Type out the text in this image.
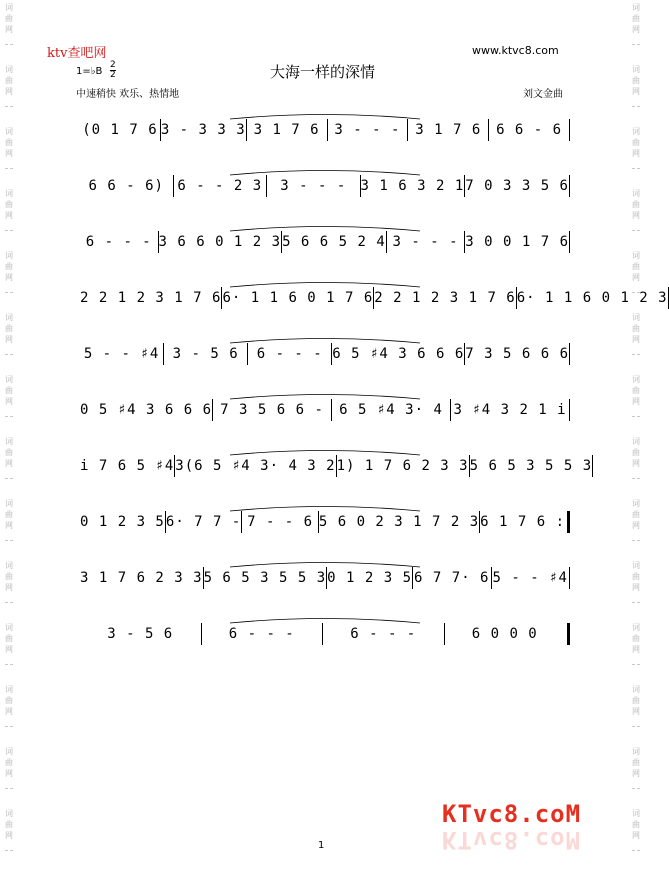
词
曲
网
词
曲
网
词
曲
网
词
曲
网
词
曲
网
词
曲
网
词
曲
网
词
曲
网
词
曲
网
词
曲
网
词
曲
网
词
曲
网
词
曲
网
词
曲
网
词
曲
网
词
曲
网
词
曲
网
词
曲
网
词
曲
网
词
曲
网
词
曲
网
词
曲
网
词
曲
网
词
曲
网
词
曲
网
词
曲
网
词
曲
网
词
曲
网
ktv查吧网	www.ktvc8.com
1=♭B
2
2	大海一样的深情
中速稍快 欢乐、热情地	刘文金曲
(0 1 7 6 3 - 3 3 3 3 1 7 6	3 - - -	3 1 7 6	6 6 - 6
6 6 - 6) 6 - - 2 3	3 - - -	3 1 6 3 2 1 7 0 3 3 5 6
6 - - - 3 6 6 0 1 2 3 5 6 6 5 2 4 3 - - - 3 0 0 1 7 6
2 2 1 2 3 1 7 6 6· 1 1 6 0 1 7 6 2 2 1 2 3 1 7 6 6· 1 1 6 0 1 2 3
5 - - ♯4 3 - 5 6	6 - - - 6 5 ♯4 3 6 6 6 7 3 5 6 6 6
0 5 ♯4 3 6 6 6 7 3 5 6 6 -	6 5 ♯4 3· 4 3 ♯4 3 2 1 i
i 7 6 5 ♯4 3(6 5 ♯4 3· 4 3 2 1) 1 7 6 2 3 3 5 6 5 3 5 5 3
0 1 2 3 5 6· 7 7 - 7 - - 6 5 6 0 2 3 1 7 2 3 6 1 7 6 :
3 1 7 6 2 3 3 5 6 5 3 5 5 3 0 1 2 3 5 6 7 7· 6 5 - - ♯4
3 - 5 6	6 - - -	6 - - -	6 0 0 0
KTvc8.coM
KTvc8.coM
1
